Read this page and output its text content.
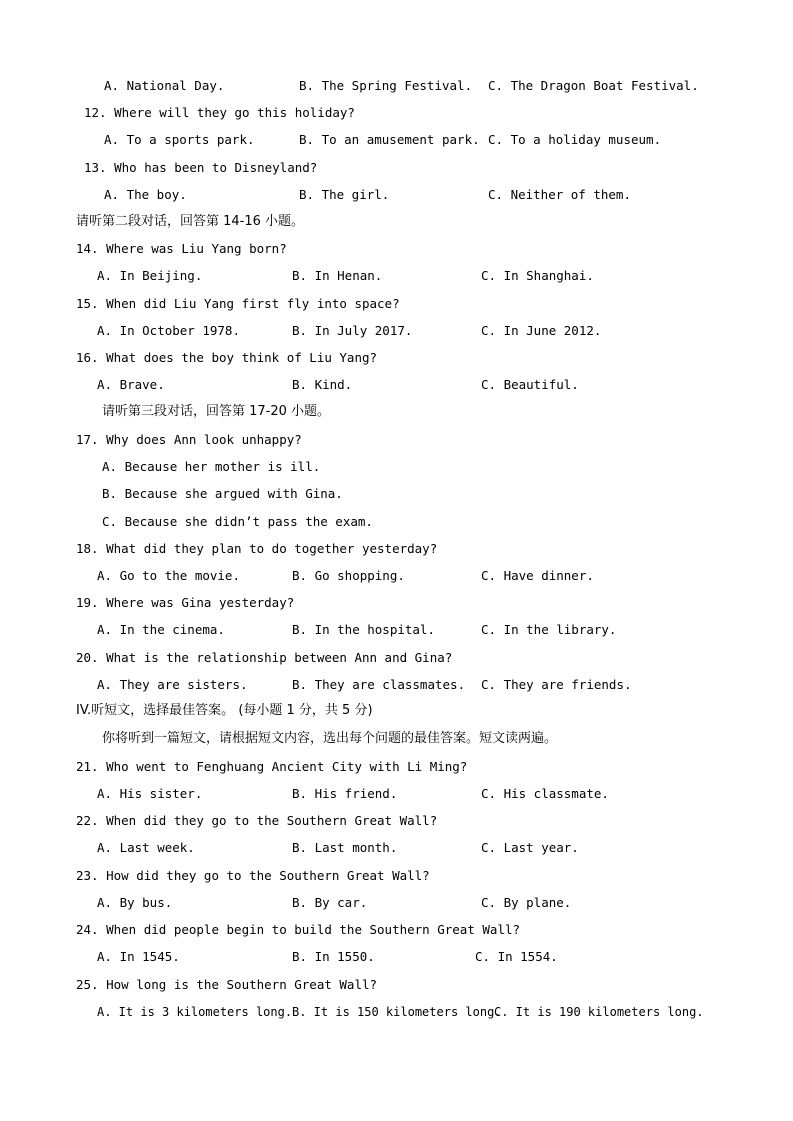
A. National Day.	B. The Spring Festival. C. The Dragon Boat Festival.
12. Where will they go this holiday?
A. To a sports park.	B. To an amusement park. C. To a holiday museum.
13. Who has been to Disneyland?
A. The boy.	B. The girl.	C. Neither of them.
请听第二段对话，回答第 14-16 小题。
14. Where was Liu Yang born?
A. In Beijing.	B. In Henan.	C. In Shanghai.
15. When did Liu Yang first fly into space?
A. In October 1978.	B. In July 2017.	C. In June 2012.
16. What does the boy think of Liu Yang?
A. Brave.	B. Kind.	C. Beautiful.
请听第三段对话，回答第 17-20 小题。
17. Why does Ann look unhappy?
A. Because her mother is ill.
B. Because she argued with Gina.
C. Because she didn’t pass the exam.
18. What did they plan to do together yesterday?
A. Go to the movie.	B. Go shopping.	C. Have dinner.
19. Where was Gina yesterday?
A. In the cinema.	B. In the hospital.	C. In the library.
20. What is the relationship between Ann and Gina?
A. They are sisters.	B. They are classmates. C. They are friends.
IV.听短文，选择最佳答案。 (每小题 1 分，共 5 分)
你将听到一篇短文，请根据短文内容，选出每个问题的最佳答案。短文读两遍。
21. Who went to Fenghuang Ancient City with Li Ming?
A. His sister.	B. His friend.	C. His classmate.
22. When did they go to the Southern Great Wall?
A. Last week.	B. Last month.	C. Last year.
23. How did they go to the Southern Great Wall?
A. By bus.	B. By car.	C. By plane.
24. When did people begin to build the Southern Great Wall?
A. In 1545.	B. In 1550.	C. In 1554.
25. How long is the Southern Great Wall?
A. It is 3 kilometers long. B. It is 150 kilometers long.
C. It is 190 kilometers long.
